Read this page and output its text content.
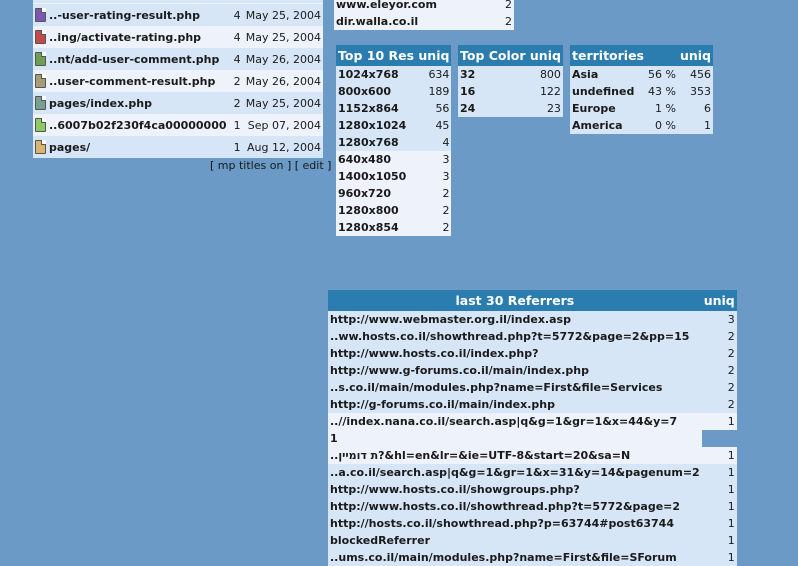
..-user-rating-result.php	4	May 25, 2004
..ing/activate-rating.php	4	May 25, 2004
..nt/add-user-comment.php	4	May 26, 2004
..user-comment-result.php	2	May 26, 2004
pages/index.php	2	May 25, 2004
..6007b02f230f4ca00000000	1	Sep 07, 2004
pages/	1	Aug 12, 2004
[ mp titles on ] [ edit ]
www.eleyor.com	2
dir.walla.co.il	2
Top 10 Res uniq	
1024x768	634
800x600	189
1152x864	56
1280x1024	45
1280x768	4
640x480	3
1400x1050	3
960x720	2
1280x800	2
1280x854	2
Top Color uniq	
32	800
16	122
24	23
territories		uniq
Asia	56 %	456
undefined	43 %	353
Europe	1 %	6
America	0 %	1
last 30 Referrers	uniq
http://www.webmaster.org.il/index.asp	3
..ww.hosts.co.il/showthread.php?t=5772&page=2&pp=15	2
http://www.hosts.co.il/index.php?	2
http://www.g-forums.co.il/main/index.php	2
..s.co.il/main/modules.php?name=First&file=Services	2
http://g-forums.co.il/main/index.php	2
..//index.nana.co.il/search.asp|q&g=1&gr=1&x=44&y=7	1
1	
..ת דומיין?&hl=en&lr=&ie=UTF-8&start=20&sa=N	1
..a.co.il/search.asp|q&g=1&gr=1&x=31&y=14&pagenum=2	1
http://www.hosts.co.il/showgroups.php?	1
http://www.hosts.co.il/showthread.php?t=5772&page=2	1
http://hosts.co.il/showthread.php?p=63744#post63744	1
blockedReferrer	1
..ums.co.il/main/modules.php?name=First&file=SForum	1
